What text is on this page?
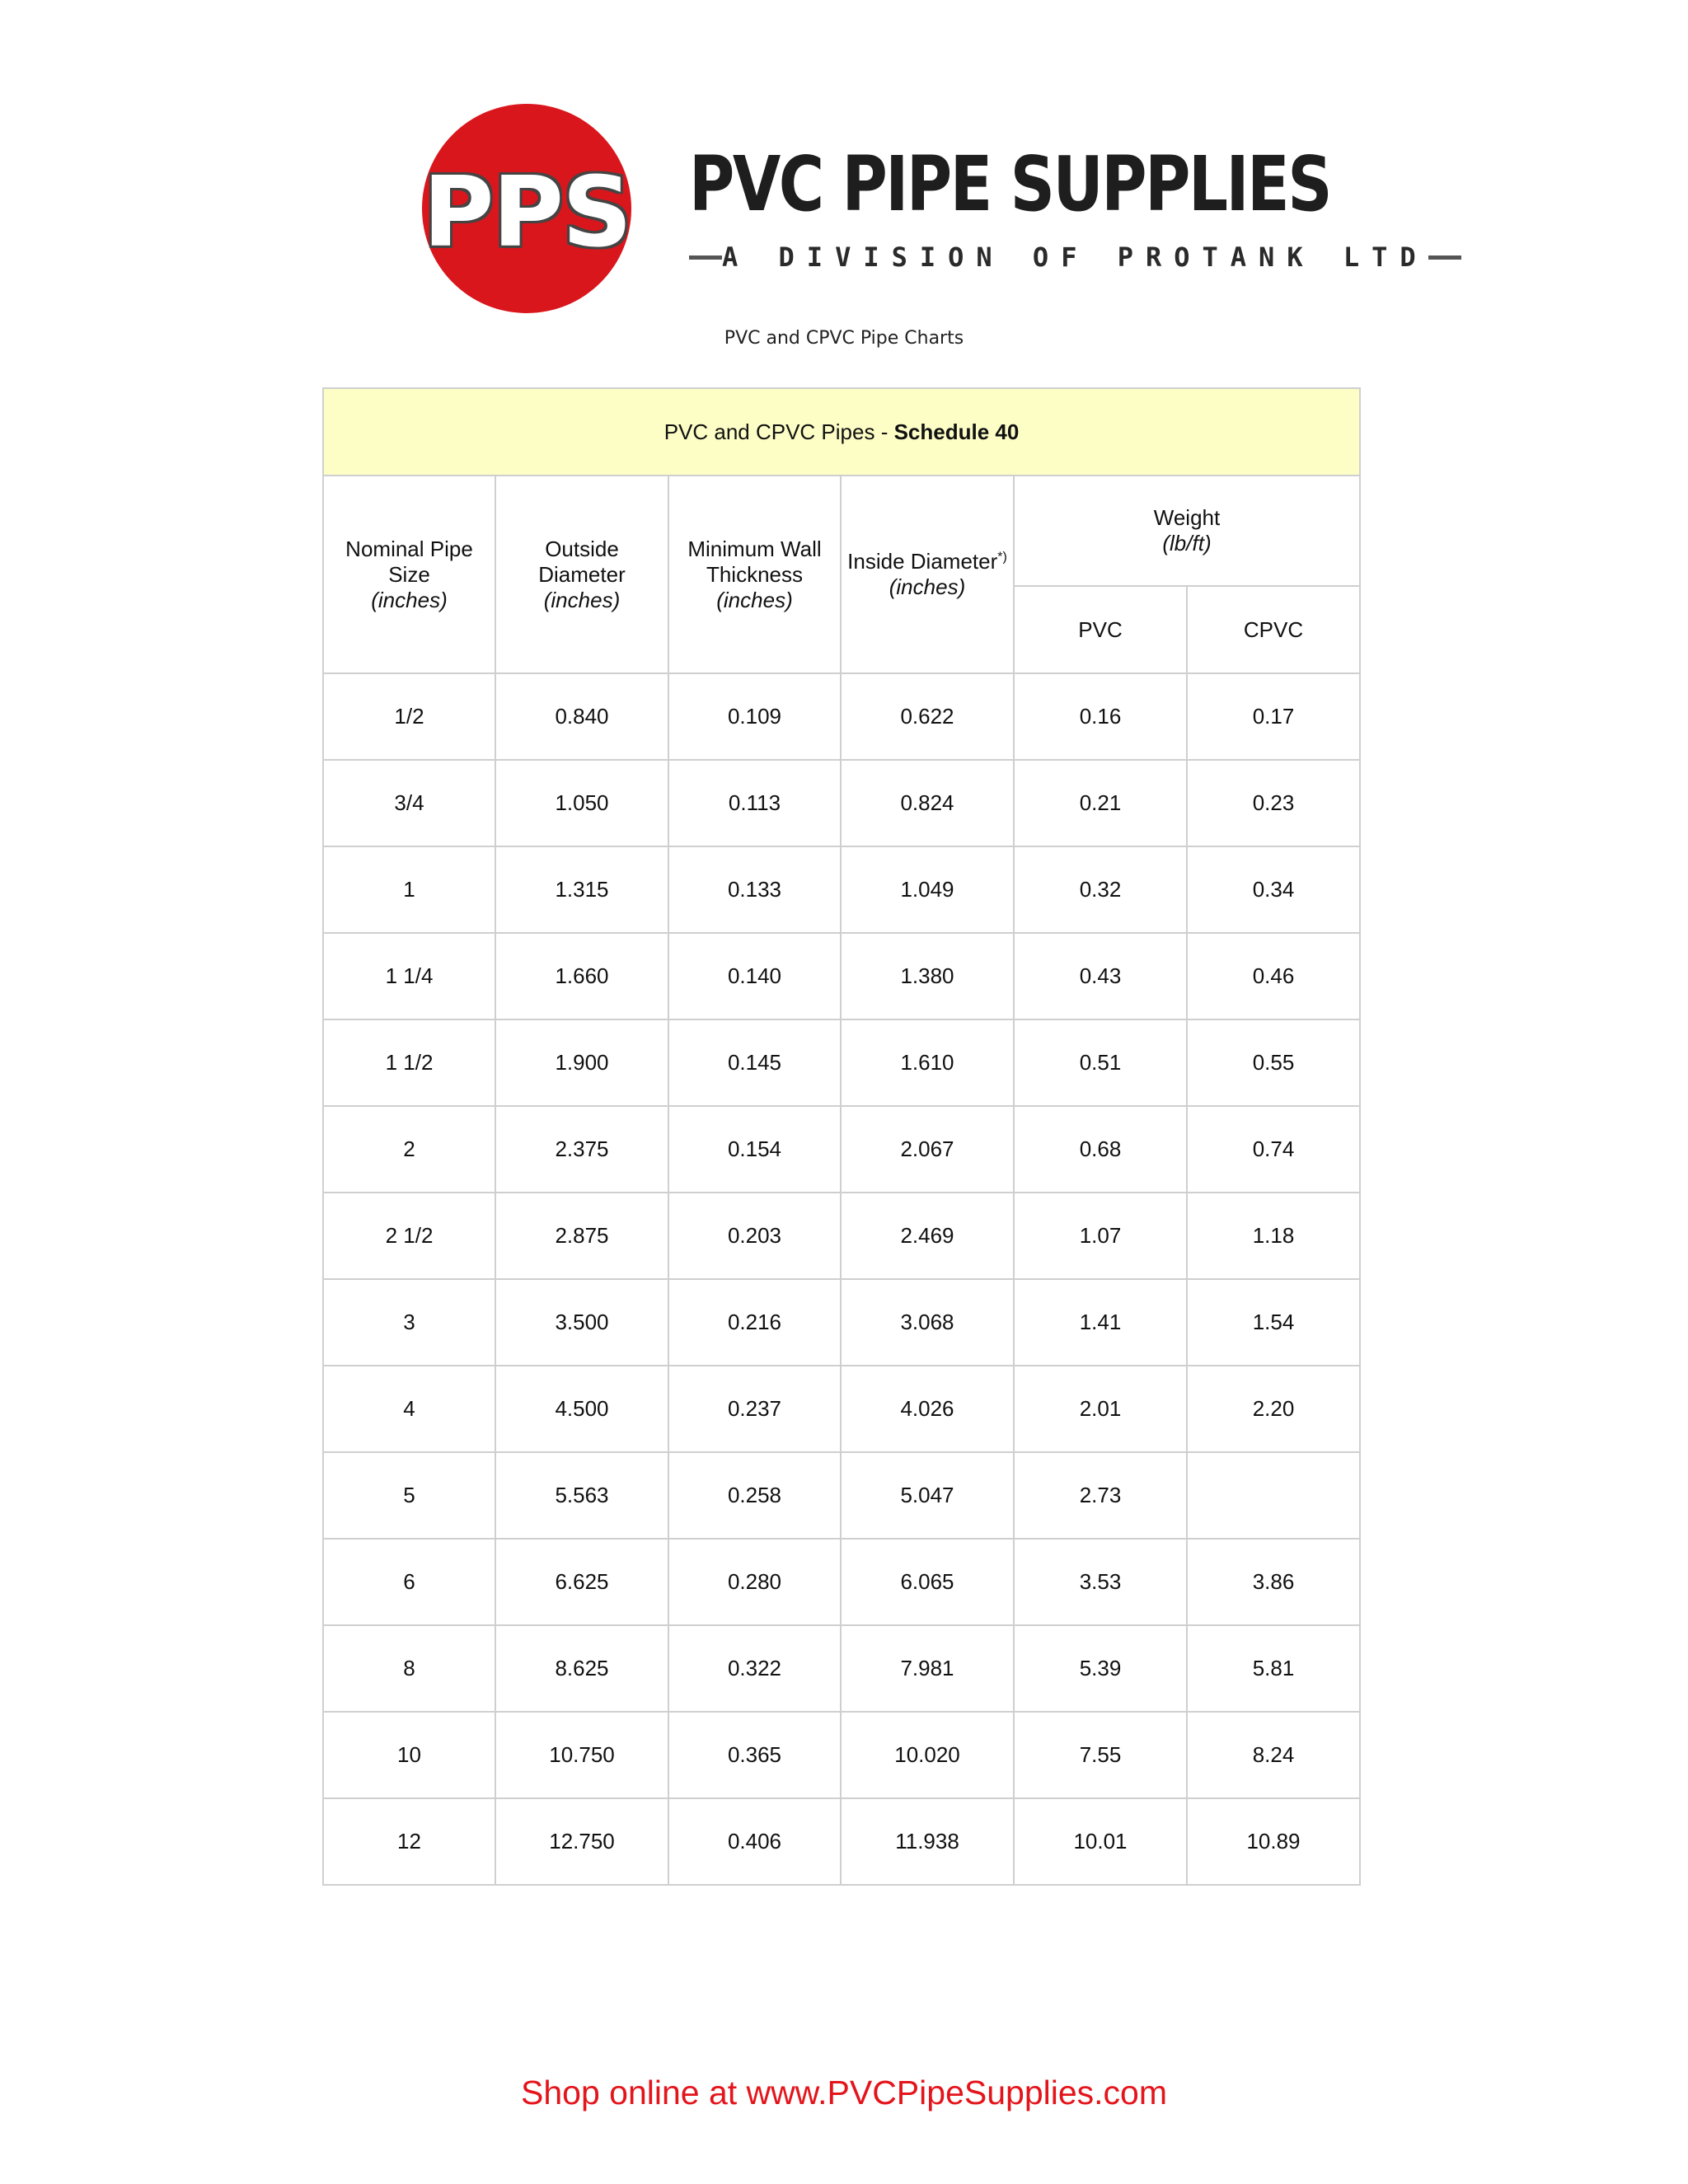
PPS PVC PIPE SUPPLIES
A DIVISION OF PROTANK LTD
PVC and CPVC Pipe Charts
PVC and CPVC Pipes - Schedule 40					
Nominal Pipe
Size
(inches)	Outside
Diameter
(inches)	Minimum Wall
Thickness
(inches)	Inside Diameter*)
(inches)	Weight
(lb/ft)	
				PVC	CPVC
1/2	0.840	0.109	0.622	0.16	0.17
3/4	1.050	0.113	0.824	0.21	0.23
1	1.315	0.133	1.049	0.32	0.34
1 1/4	1.660	0.140	1.380	0.43	0.46
1 1/2	1.900	0.145	1.610	0.51	0.55
2	2.375	0.154	2.067	0.68	0.74
2 1/2	2.875	0.203	2.469	1.07	1.18
3	3.500	0.216	3.068	1.41	1.54
4	4.500	0.237	4.026	2.01	2.20
5	5.563	0.258	5.047	2.73	
6	6.625	0.280	6.065	3.53	3.86
8	8.625	0.322	7.981	5.39	5.81
10	10.750	0.365	10.020	7.55	8.24
12	12.750	0.406	11.938	10.01	10.89
Shop online at www.PVCPipeSupplies.com
